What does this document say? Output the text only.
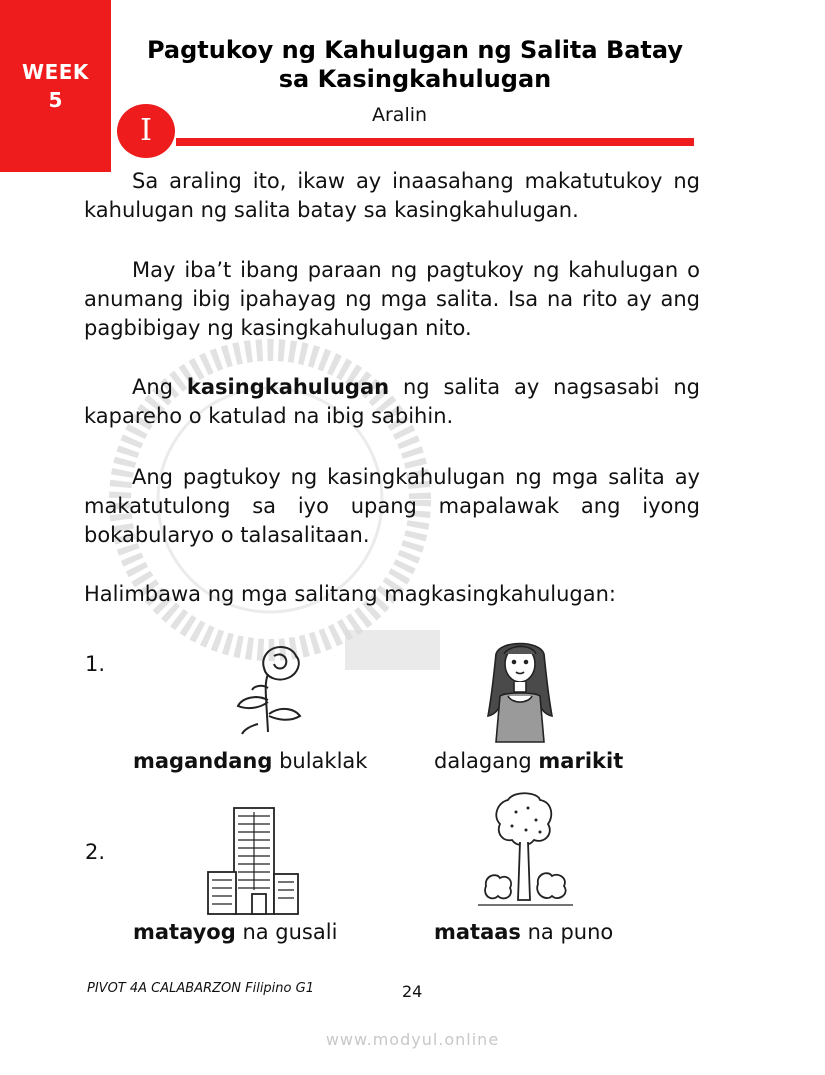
WEEK
5
Pagtukoy ng Kahulugan ng Salita Batay sa Kasingkahulugan
I	Aralin
Sa araling ito, ikaw ay inaasahang makatutukoy ng kahulugan ng salita batay sa kasingkahulugan.
May iba’t ibang paraan ng pagtukoy ng kahulugan o anumang ibig ipahayag ng mga salita. Isa na rito ay ang pagbibigay ng kasingkahulugan nito.
Ang kasingkahulugan ng salita ay nagsasabi ng kapareho o katulad na ibig sabihin.
Ang pagtukoy ng kasingkahulugan ng mga salita ay makatutulong sa iyo upang mapalawak ang iyong bokabularyo o talasalitaan.
Halimbawa ng mga salitang magkasingkahulugan:
1.
magandang bulaklak	dalagang marikit
2.
matayog na gusali	mataas na puno
PIVOT 4A CALABARZON Filipino G1	24
www.modyul.online
